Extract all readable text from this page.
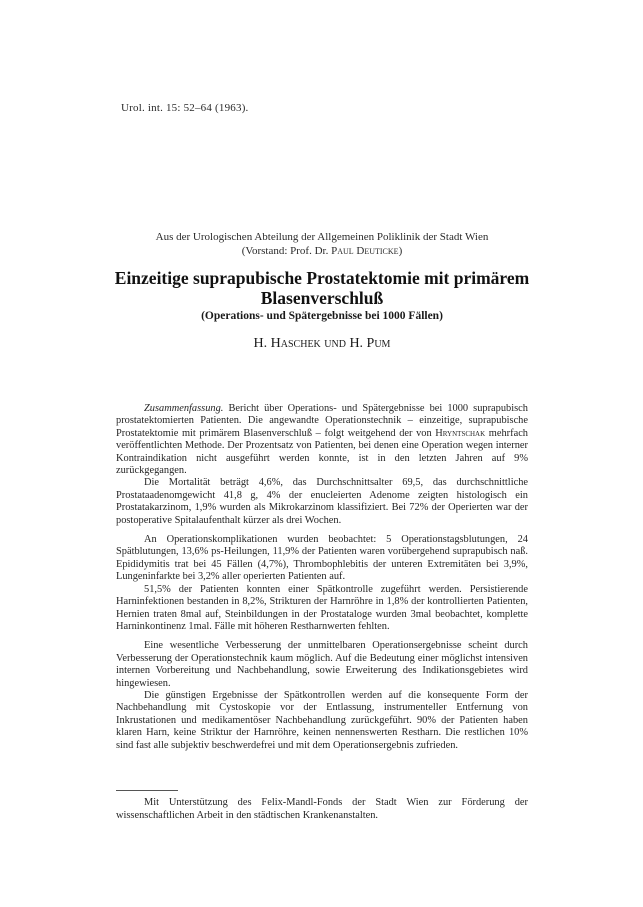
Urol. int. 15: 52–64 (1963).
Aus der Urologischen Abteilung der Allgemeinen Poliklinik der Stadt Wien
(Vorstand: Prof. Dr. Paul Deuticke)
Einzeitige suprapubische Prostatektomie mit primärem Blasenverschluß
(Operations- und Spätergebnisse bei 1000 Fällen)
H. Haschek und H. Pum

Zusammenfassung. Bericht über Operations- und Spätergebnisse bei 1000 suprapubisch prostatektomierten Patienten. Die angewandte Operationstechnik – einzeitige, suprapubische Prostatektomie mit primärem Blasenverschluß – folgt weitgehend der von Hryntschak mehrfach veröffentlichten Methode. Der Prozentsatz von Patienten, bei denen eine Operation wegen interner Kontraindikation nicht ausgeführt werden konnte, ist in den letzten Jahren auf 9% zurückgegangen.

Die Mortalität beträgt 4,6%, das Durchschnittsalter 69,5, das durchschnittliche Prostataadenomgewicht 41,8 g, 4% der enucleierten Adenome zeigten histologisch ein Prostatakarzinom, 1,9% wurden als Mikrokarzinom klassifiziert. Bei 72% der Operierten war der postoperative Spitalaufenthalt kürzer als drei Wochen.

An Operationskomplikationen wurden beobachtet: 5 Operationstagsblutungen, 24 Spätblutungen, 13,6% ps-Heilungen, 11,9% der Patienten waren vorübergehend suprapubisch naß. Epididymitis trat bei 45 Fällen (4,7%), Thrombophlebitis der unteren Extremitäten bei 3,9%, Lungeninfarkte bei 3,2% aller operierten Patienten auf.

51,5% der Patienten konnten einer Spätkontrolle zugeführt werden. Persistierende Harninfektionen bestanden in 8,2%, Strikturen der Harnröhre in 1,8% der kontrollierten Patienten, Hernien traten 8mal auf, Steinbildungen in der Prostataloge wurden 3mal beobachtet, komplette Harninkontinenz 1mal. Fälle mit höheren Restharnwerten fehlten.

Eine wesentliche Verbesserung der unmittelbaren Operationsergebnisse scheint durch Verbesserung der Operationstechnik kaum möglich. Auf die Bedeutung einer möglichst intensiven internen Vorbereitung und Nachbehandlung, sowie Erweiterung des Indikationsgebietes wird hingewiesen.

Die günstigen Ergebnisse der Spätkontrollen werden auf die konsequente Form der Nachbehandlung mit Cystoskopie vor der Entlassung, instrumenteller Entfernung von Inkrustationen und medikamentöser Nachbehandlung zurückgeführt. 90% der Patienten haben klaren Harn, keine Striktur der Harnröhre, keinen nennenswerten Restharn. Die restlichen 10% sind fast alle subjektiv beschwerdefrei und mit dem Operationsergebnis zufrieden.

Mit Unterstützung des Felix-Mandl-Fonds der Stadt Wien zur Förderung der wissenschaftlichen Arbeit in den städtischen Krankenanstalten.
